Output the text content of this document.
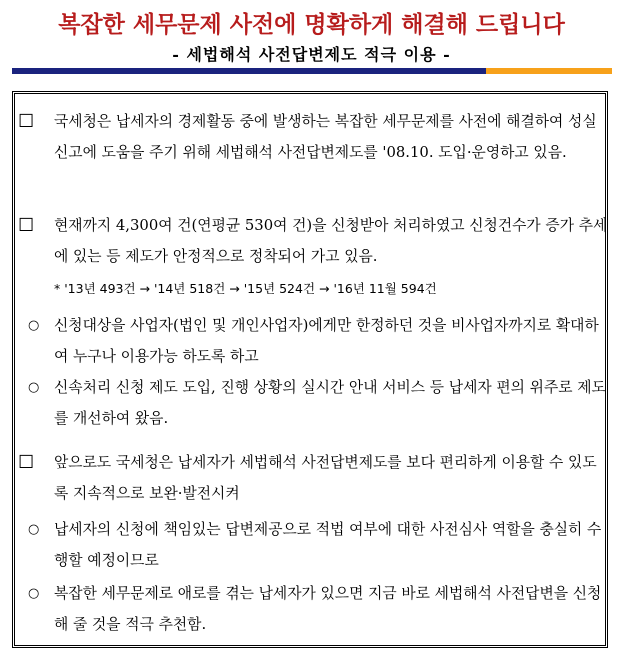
복잡한 세무문제 사전에 명확하게 해결해 드립니다
- 세법해석 사전답변제도 적극 이용 -
☐ 국세청은 납세자의 경제활동 중에 발생하는 복잡한 세무문제를 사전에 해결하여 성실신고에 도움을 주기 위해 세법해석 사전답변제도를 '08.10. 도입·운영하고 있음.
☐ 현재까지 4,300여 건(연평균 530여 건)을 신청받아 처리하였고 신청건수가 증가 추세에 있는 등 제도가 안정적으로 정착되어 가고 있음.
* '13년 493건 → '14년 518건 → '15년 524건 → '16년 11월 594건
○ 신청대상을 사업자(법인 및 개인사업자)에게만 한정하던 것을 비사업자까지로 확대하여 누구나 이용가능 하도록 하고
○ 신속처리 신청 제도 도입, 진행 상황의 실시간 안내 서비스 등 납세자 편의 위주로 제도를 개선하여 왔음.
☐ 앞으로도 국세청은 납세자가 세법해석 사전답변제도를 보다 편리하게 이용할 수 있도록 지속적으로 보완·발전시켜
○ 납세자의 신청에 책임있는 답변제공으로 적법 여부에 대한 사전심사 역할을 충실히 수행할 예정이므로
○ 복잡한 세무문제로 애로를 겪는 납세자가 있으면 지금 바로 세법해석 사전답변을 신청해 줄 것을 적극 추천함.
